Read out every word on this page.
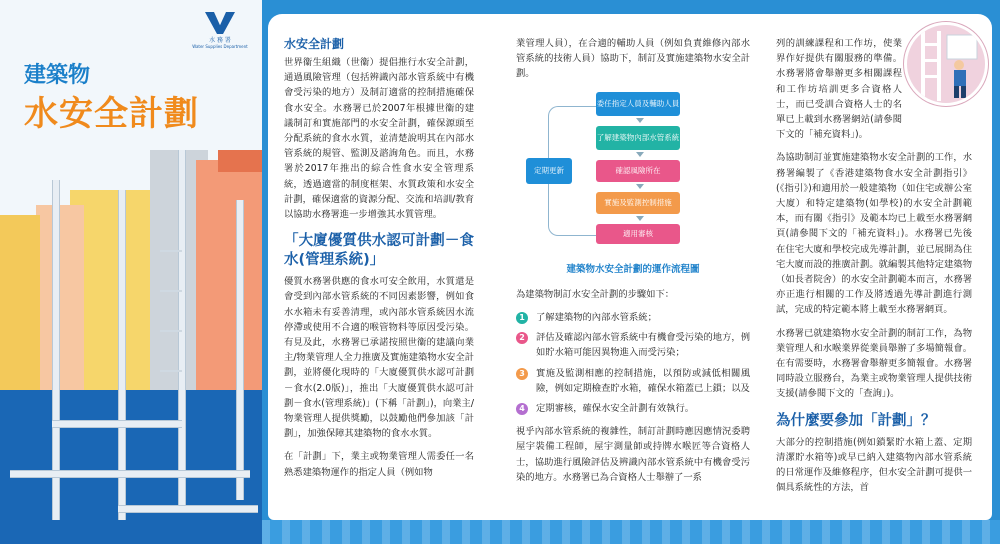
水 務 署
Water Supplies Department
建築物
水安全計劃
水安全計劃

世界衞生組織（世衞）提倡推行水安全計劃，通過風險管理（包括辨識內部水管系統中有機會受污染的地方）及制訂適當的控制措施確保食水安全。水務署已於2007年根據世衞的建議制訂和實施部門的水安全計劃，確保源頭至分配系統的食水水質，並清楚說明其在內部水管系統的規管、監測及諮詢角色。而且，水務署於2017年推出的綜合性食水安全管理系統，透過適當的制度框架、水質政策和水安全計劃，確保適當的資源分配、交流和培訓/教育以協助水務署進一步增強其水質管理。

「大廈優質供水認可計劃－食水(管理系統)」

優質水務署供應的食水可安全飲用，水質還是會受到內部水管系統的不同因素影響，例如食水水箱未有妥善清理，或內部水管系統因水流停滯或使用不合適的喉管物料等原因受污染。有見及此，水務署已承諾按照世衞的建議向業主/物業管理人全力推廣及實施建築物水安全計劃，並將優化現時的「大廈優質供水認可計劃－食水(2.0版)」，推出「大廈優質供水認可計劃－食水(管理系統)」(下稱「計劃」)，向業主/物業管理人提供獎勵，以鼓勵他們參加該「計劃」，加強保障其建築物的食水水質。

在「計劃」下，業主或物業管理人需委任一名熟悉建築物運作的指定人員（例如物

業管理人員），在合適的輔助人員（例如負責維修內部水管系統的技術人員）協助下，制訂及實施建築物水安全計劃。

定期更新
委任指定人員及輔助人員
了解建築物內部水管系統
確認風險所在
實施及監測控制措施
適用審核
建築物水安全計劃的運作流程圖

為建築物制訂水安全計劃的步驟如下：

1	了解建築物的內部水管系統；
2	評估及確認內部水管系統中有機會受污染的地方，例如貯水箱可能因異物進入而受污染；
3	實施及監測相應的控制措施，以預防或減低相關風險，例如定期檢查貯水箱，確保水箱蓋已上鎖；以及
4	定期審核，確保水安全計劃有效執行。

視乎內部水管系統的複雜性，制訂計劃時應因應情況委聘屋宇裝備工程師，屋宇測量師或持牌水喉匠等合資格人士，協助進行風險評估及辨識內部水管系統中有機會受污染的地方。水務署已為合資格人士舉辦了一系

列的訓練課程和工作坊，使業界作好提供有關服務的準備。水務署將會舉辦更多相關課程和工作坊培訓更多合資格人士，而已受訓合資格人士的名單已上載到水務署網站(請參閱下文的「補充資料」)。

為協助制訂並實施建築物水安全計劃的工作，水務署編製了《香港建築物食水安全計劃指引》(《指引》)和適用於一般建築物（如住宅或辦公室大廈）和特定建築物(如學校)的水安全計劃範本，而有關《指引》及範本均已上載至水務署網頁(請參閱下文的「補充資料」)。水務署已先後在住宅大廈和學校完成先導計劃，並已展開為住宅大廈而設的推廣計劃。就編製其他特定建築物（如長者院舍）的水安全計劃範本而言，水務署亦正進行相關的工作及將透過先導計劃進行測試，完成的特定範本將上載至水務署網頁。

水務署已就建築物水安全計劃的制訂工作，為物業管理人和水喉業界從業員舉辦了多場簡報會。在有需要時，水務署會舉辦更多簡報會。水務署同時設立服務台，為業主或物業管理人提供技術支援(請參閱下文的「查詢」)。

為什麼要參加「計劃」？

大部分的控制措施(例如鎖緊貯水箱上蓋、定期清潔貯水箱等)或早已納入建築物內部水管系統的日常運作及維修程序，但水安全計劃可提供一個具系統性的方法，首
